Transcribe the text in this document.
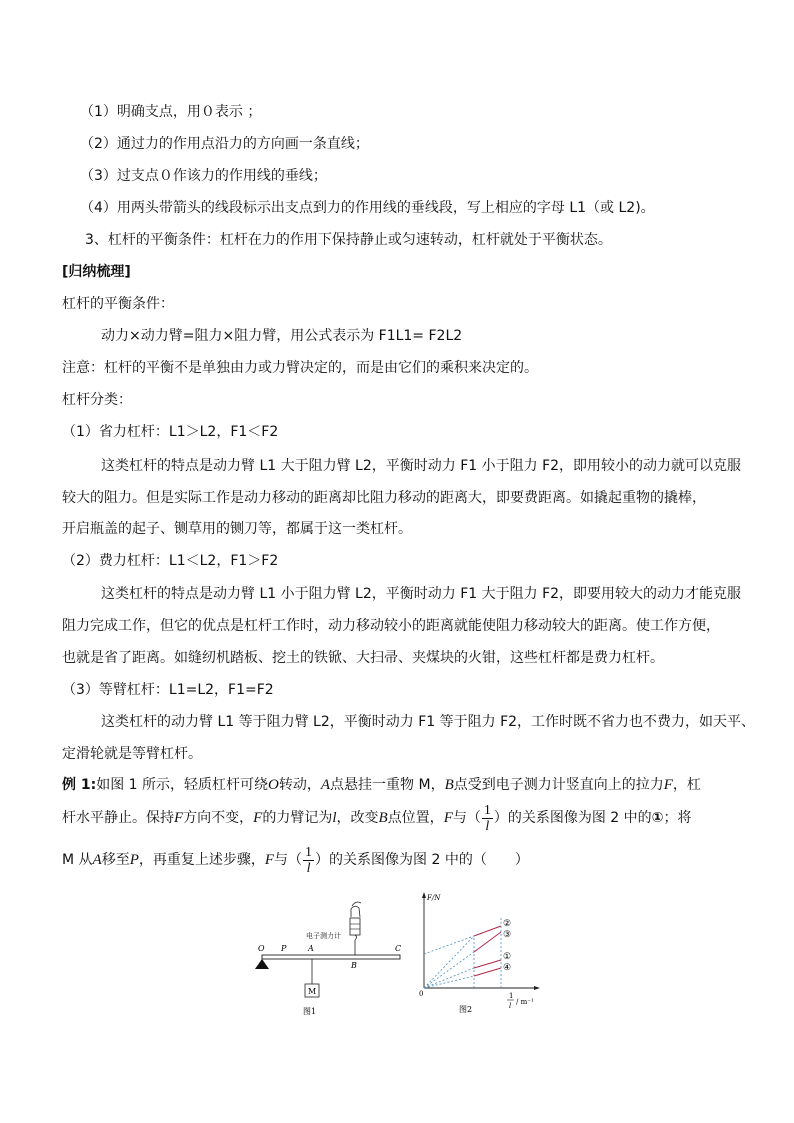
（1）明确支点，用０表示 ；
（2）通过力的作用点沿力的方向画一条直线；
（3）过支点０作该力的作用线的垂线；
（4）用两头带箭头的线段标示出支点到力的作用线的垂线段，写上相应的字母 L1（或 L2)。
3、杠杆的平衡条件：杠杆在力的作用下保持静止或匀速转动，杠杆就处于平衡状态。
[归纳梳理]
杠杆的平衡条件：
动力×动力臂=阻力×阻力臂，用公式表示为 F1L1= F2L2
注意：杠杆的平衡不是单独由力或力臂决定的，而是由它们的乘积来决定的。
杠杆分类：
（1）省力杠杆：L1＞L2，F1＜F2
这类杠杆的特点是动力臂 L1 大于阻力臂 L2，平衡时动力 F1 小于阻力 F2，即用较小的动力就可以克服
较大的阻力。但是实际工作是动力移动的距离却比阻力移动的距离大，即要费距离。如撬起重物的撬棒，
开启瓶盖的起子、铡草用的铡刀等，都属于这一类杠杆。
（2）费力杠杆：L1＜L2，F1＞F2
这类杠杆的特点是动力臂 L1 小于阻力臂 L2，平衡时动力 F1 大于阻力 F2，即要用较大的动力才能克服
阻力完成工作，但它的优点是杠杆工作时，动力移动较小的距离就能使阻力移动较大的距离。使工作方便，
也就是省了距离。如缝纫机踏板、挖土的铁锨、大扫帚、夹煤块的火钳，这些杠杆都是费力杠杆。
（3）等臂杠杆：L1=L2，F1=F2
这类杠杆的动力臂 L1 等于阻力臂 L2，平衡时动力 F1 等于阻力 F2，工作时既不省力也不费力，如天平、
定滑轮就是等臂杠杆。
例 1:如图 1 所示，轻质杠杆可绕O转动，A点悬挂一重物 M，B点受到电子测力计竖直向上的拉力F，杠
杆水平静止。保持F方向不变，F的力臂记为l，改变B点位置，F与（ $\frac{1}{l}$ ）的关系图像为图 2 中的①；将
M 从A移至P，再重复上述步骤，F与（ $\frac{1}{l}$ ）的关系图像为图 2 中的（　　）
O P	A
B
C
M
电子测力计
图1
F/N
0
②
③
①
④
1
l / m⁻¹
图2
